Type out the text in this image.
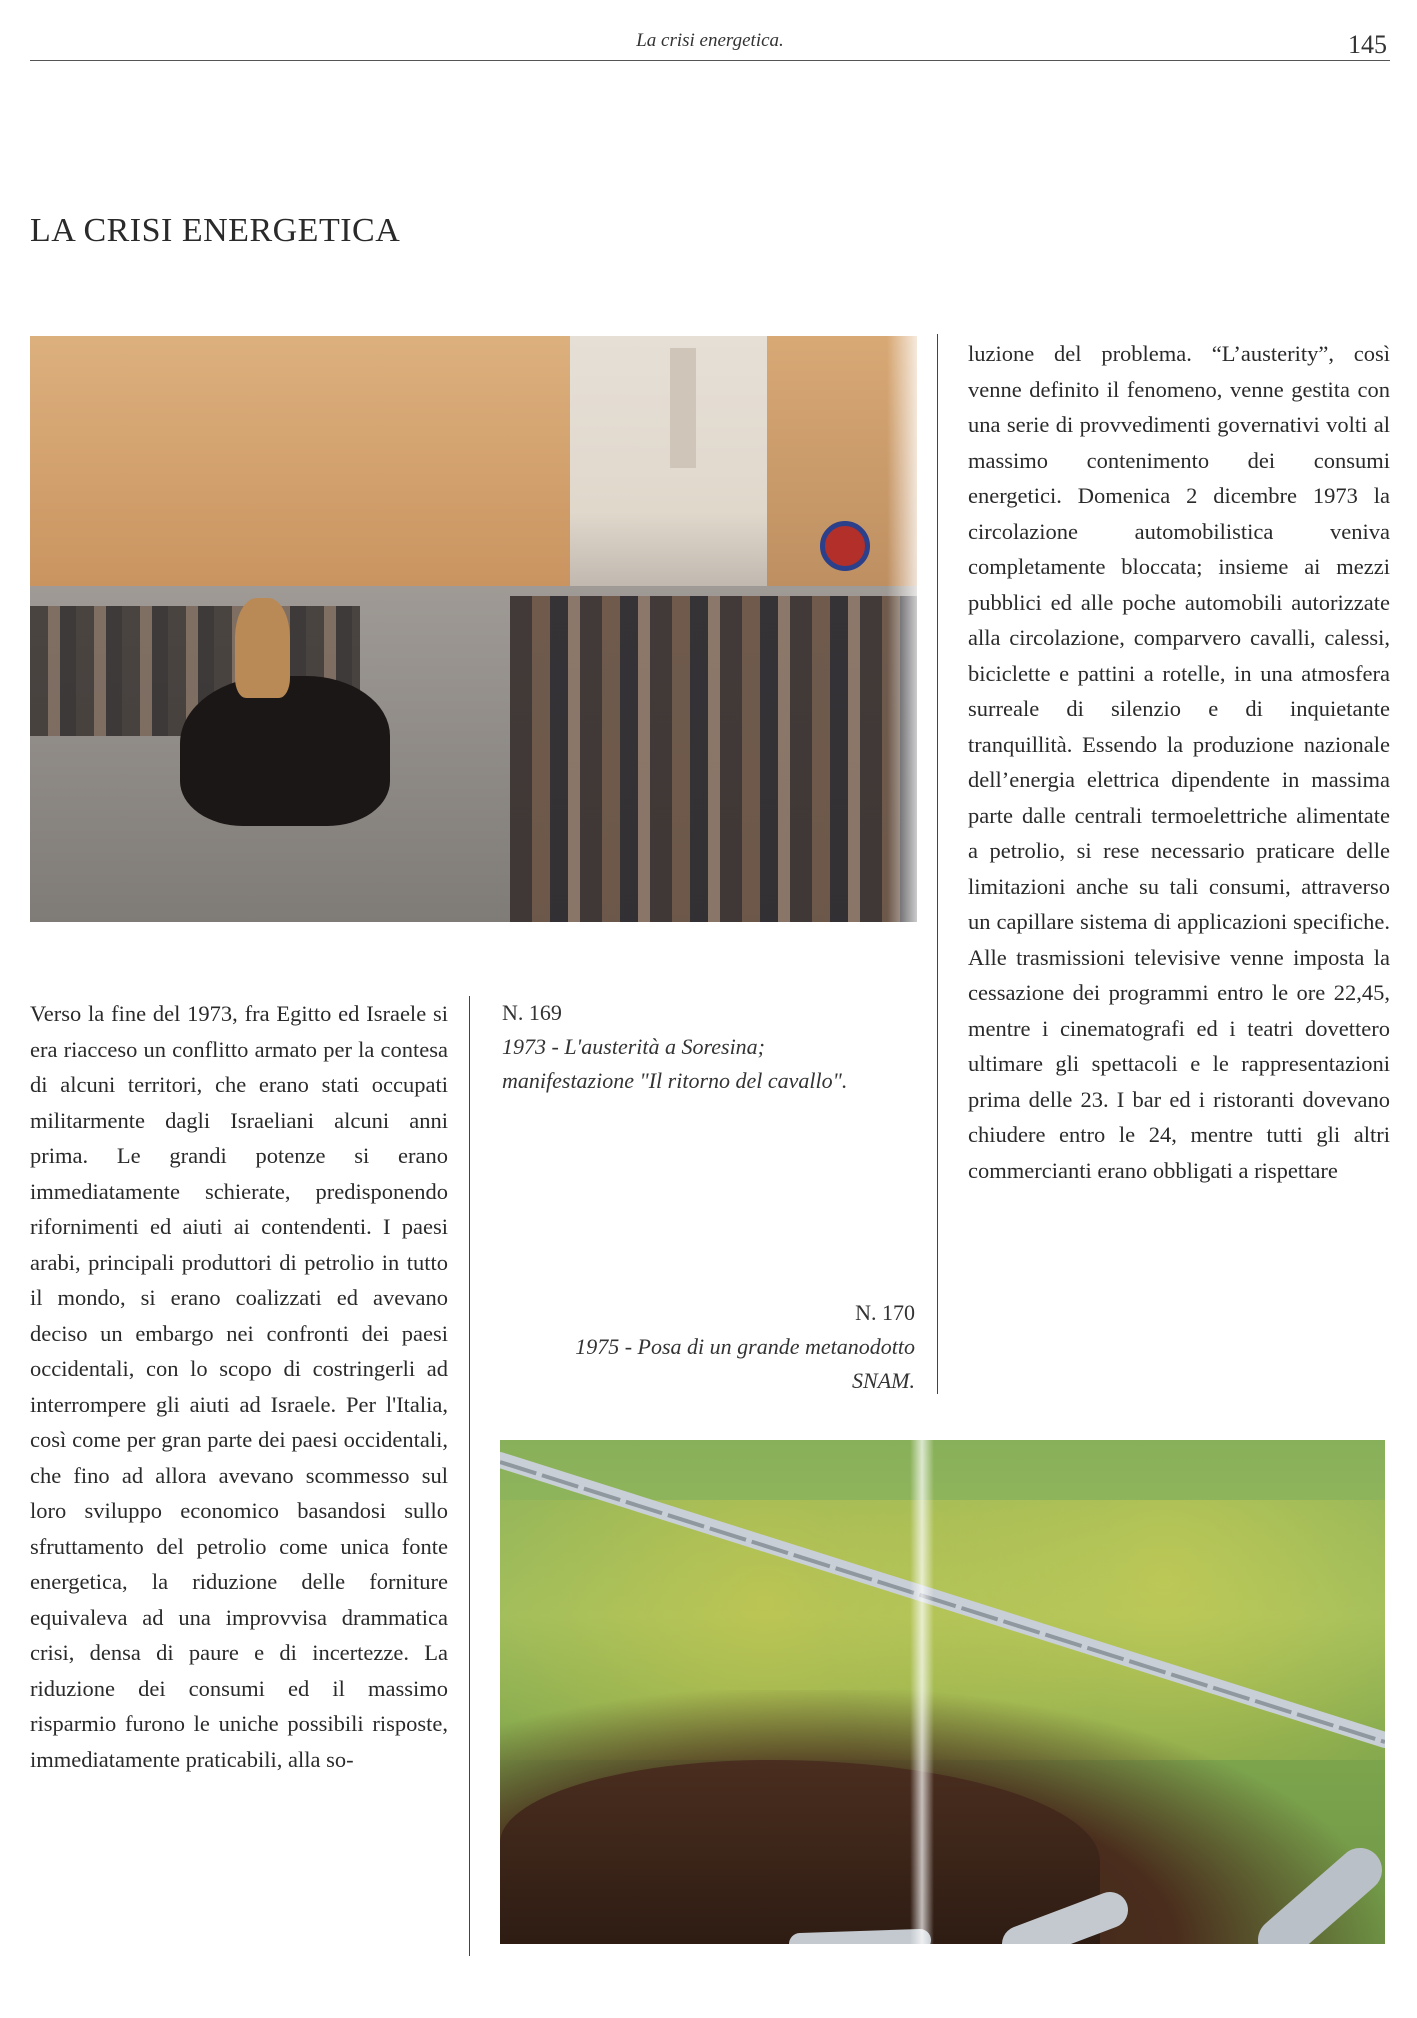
La crisi energetica.	145
LA CRISI ENERGETICA
N. 169
1973 - L'austerità a Soresina; manifestazione "Il ritorno del cavallo".
N. 170
1975 - Posa di un grande metanodotto SNAM.
Verso la fine del 1973, fra Egitto ed Israele si era riacceso un conflitto armato per la contesa di alcuni territori, che erano stati occupati militarmente dagli Israeliani alcuni anni prima. Le grandi potenze si erano immediatamente schierate, predisponendo rifornimenti ed aiuti ai contendenti. I paesi arabi, principali produttori di petrolio in tutto il mondo, si erano coalizzati ed avevano deciso un embargo nei confronti dei paesi occidentali, con lo scopo di costringerli ad interrompere gli aiuti ad Israele. Per l'Italia, così come per gran parte dei paesi occidentali, che fino ad allora avevano scommesso sul loro sviluppo economico basandosi sullo sfruttamento del petrolio come unica fonte energetica, la riduzione delle forniture equivaleva ad una improvvisa drammatica crisi, densa di paure e di incertezze. La riduzione dei consumi ed il massimo risparmio furono le uniche possibili risposte, immediatamente praticabili, alla so-
luzione del problema. “L’austerity”, così venne definito il fenomeno, venne gestita con una serie di provvedimenti governativi volti al massimo contenimento dei consumi energetici. Domenica 2 dicembre 1973 la circolazione automobilistica veniva completamente bloccata; insieme ai mezzi pubblici ed alle poche automobili autorizzate alla circolazione, comparvero cavalli, calessi, biciclette e pattini a rotelle, in una atmosfera surreale di silenzio e di inquietante tranquillità. Essendo la produzione nazionale dell’energia elettrica dipendente in massima parte dalle centrali termoelettriche alimentate a petrolio, si rese necessario praticare delle limitazioni anche su tali consumi, attraverso un capillare sistema di applicazioni specifiche. Alle trasmissioni televisive venne imposta la cessazione dei programmi entro le ore 22,45, mentre i cinematografi ed i teatri dovettero ultimare gli spettacoli e le rappresentazioni prima delle 23. I bar ed i ristoranti dovevano chiudere entro le 24, mentre tutti gli altri commercianti erano obbligati a rispettare
